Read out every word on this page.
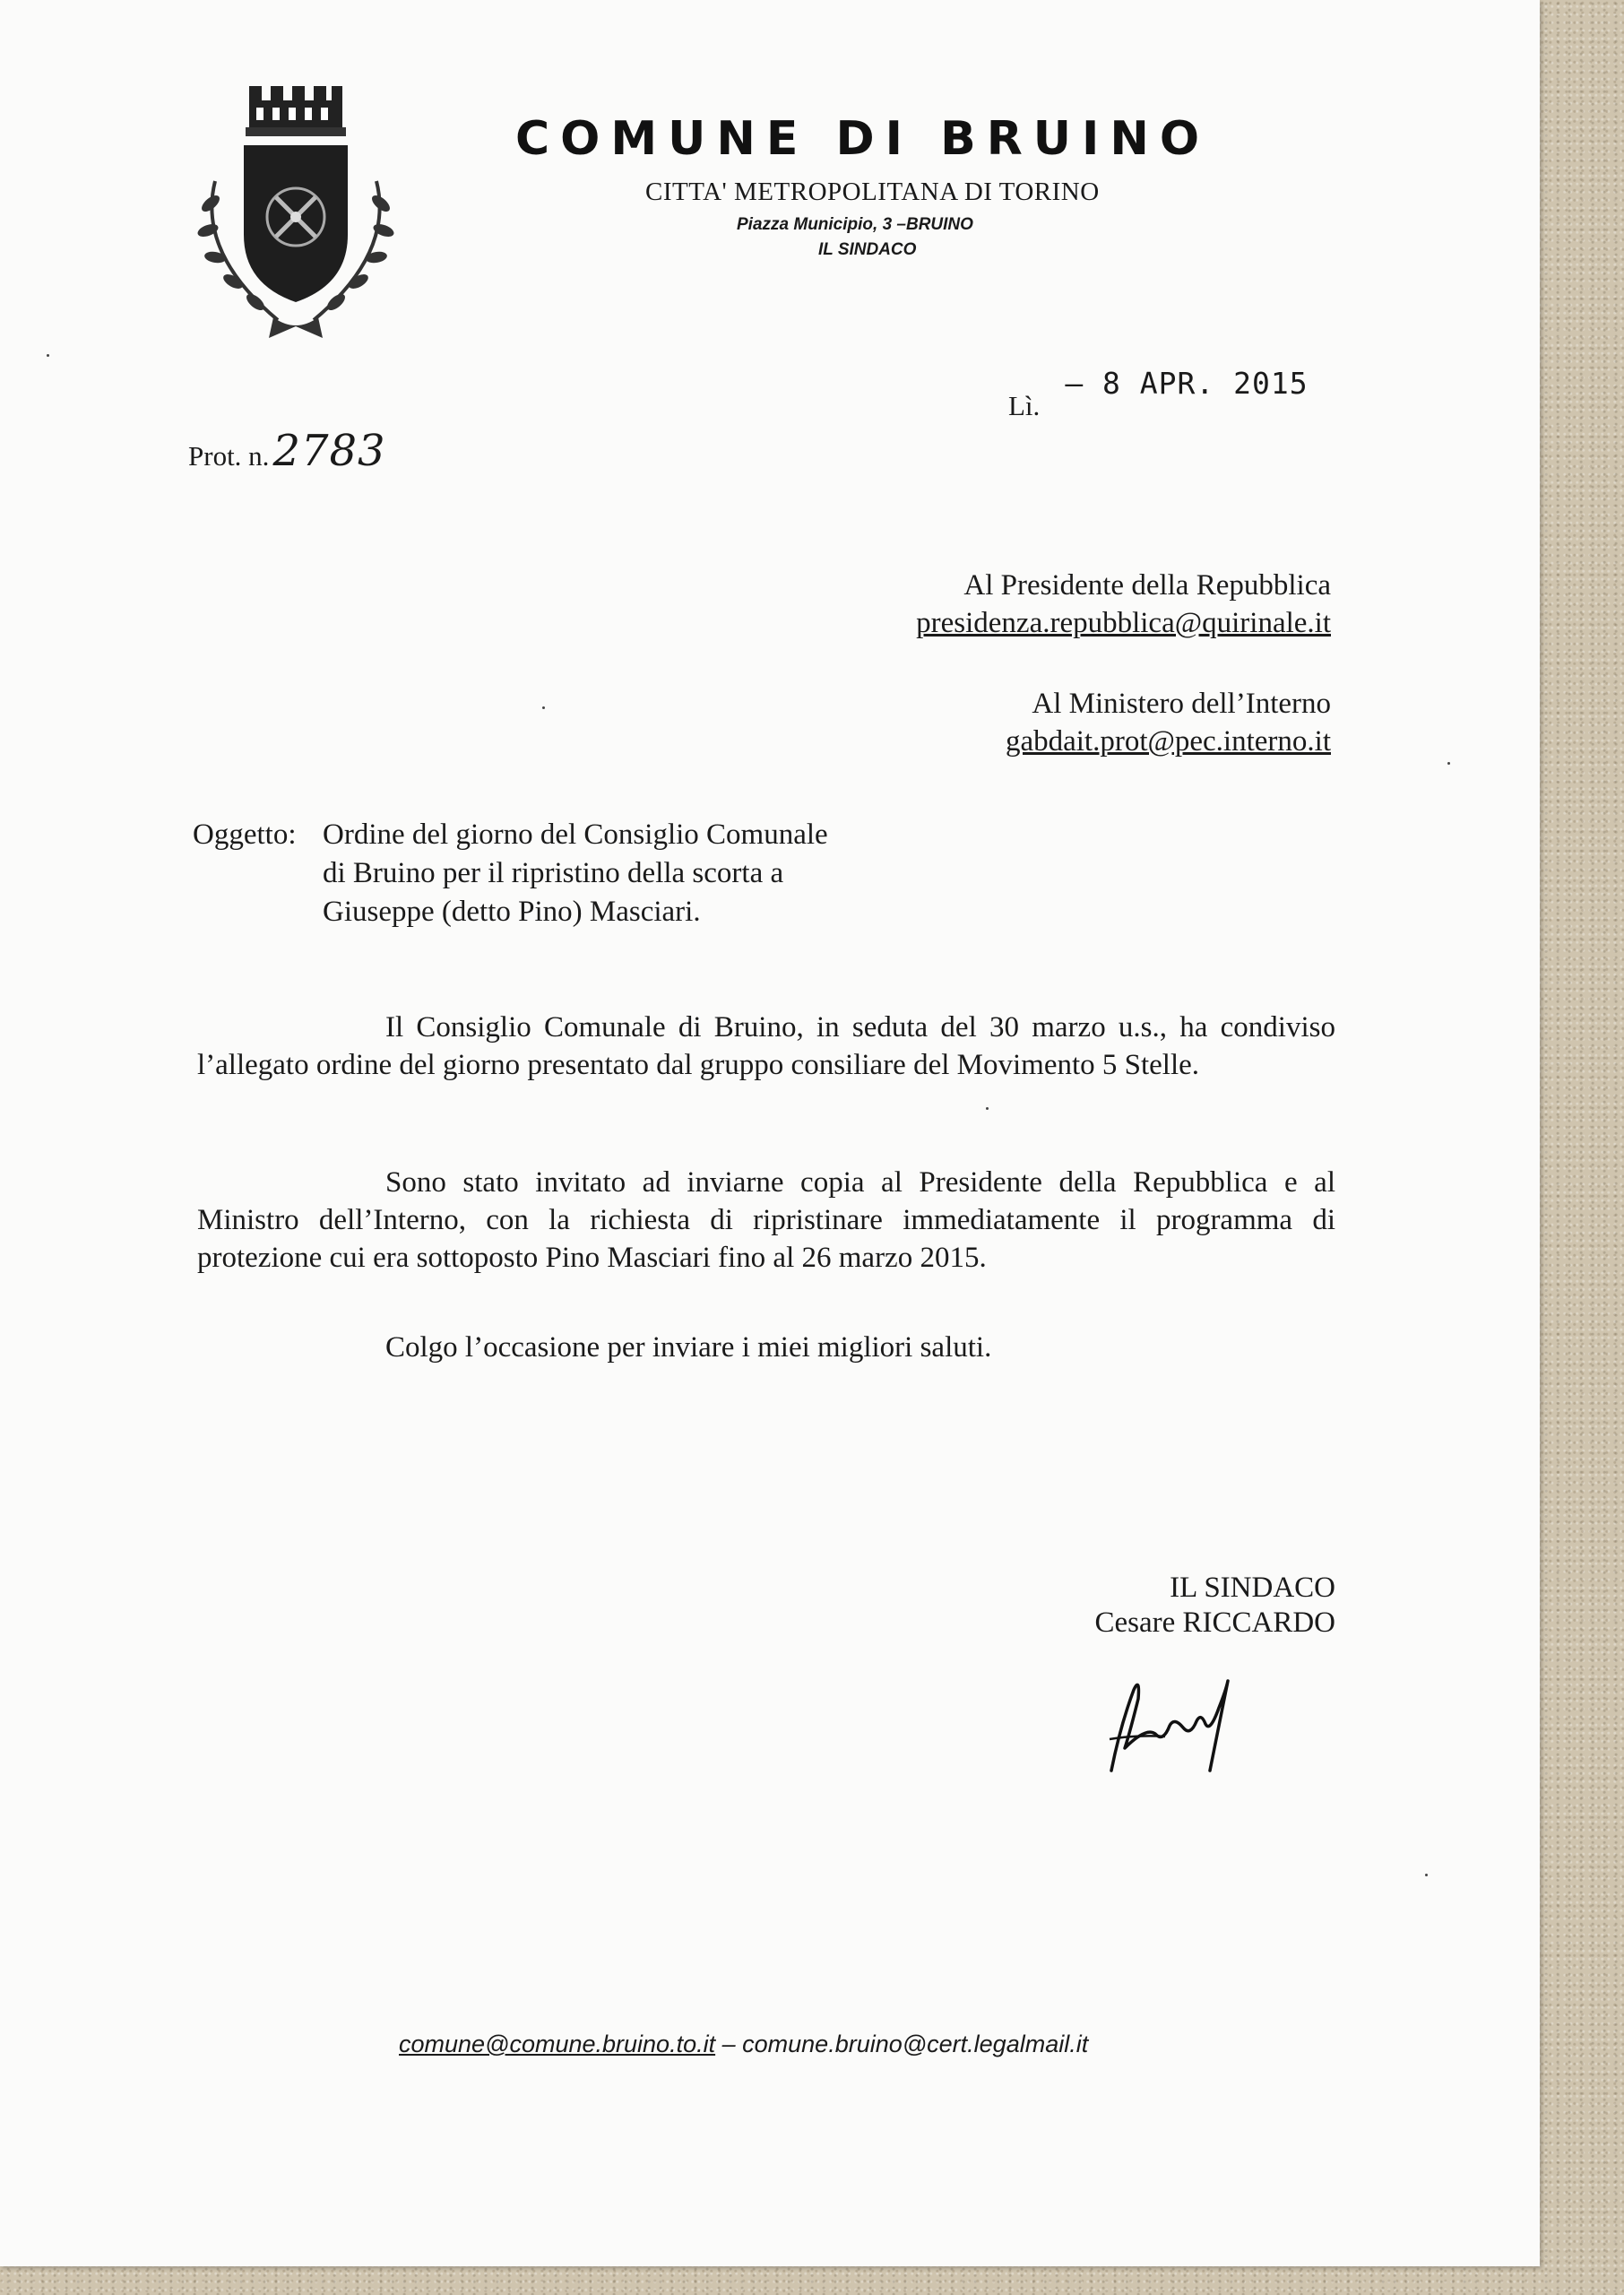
COMUNE DI BRUINO
CITTA' METROPOLITANA DI TORINO
Piazza Municipio, 3 –BRUINO
IL SINDACO
Prot. n.2783
Lì.– 8 APR. 2015
Al Presidente della Repubblica
presidenza.repubblica@quirinale.it
Al Ministero dell’Interno
gabdait.prot@pec.interno.it
Oggetto: Ordine del giorno del Consiglio Comunale
di Bruino per il ripristino della scorta a
Giuseppe (detto Pino) Masciari.
Il Consiglio Comunale di Bruino, in seduta del 30 marzo u.s., ha condiviso l’allegato ordine del giorno presentato dal gruppo consiliare del Movimento 5 Stelle.
Sono stato invitato ad inviarne copia al Presidente della Repubblica e al Ministro dell’Interno, con la richiesta di ripristinare immediatamente il programma di protezione cui era sottoposto Pino Masciari fino al 26 marzo 2015.
Colgo l’occasione per inviare i miei migliori saluti.
IL SINDACO
Cesare RICCARDO
comune@comune.bruino.to.it – comune.bruino@cert.legalmail.it
